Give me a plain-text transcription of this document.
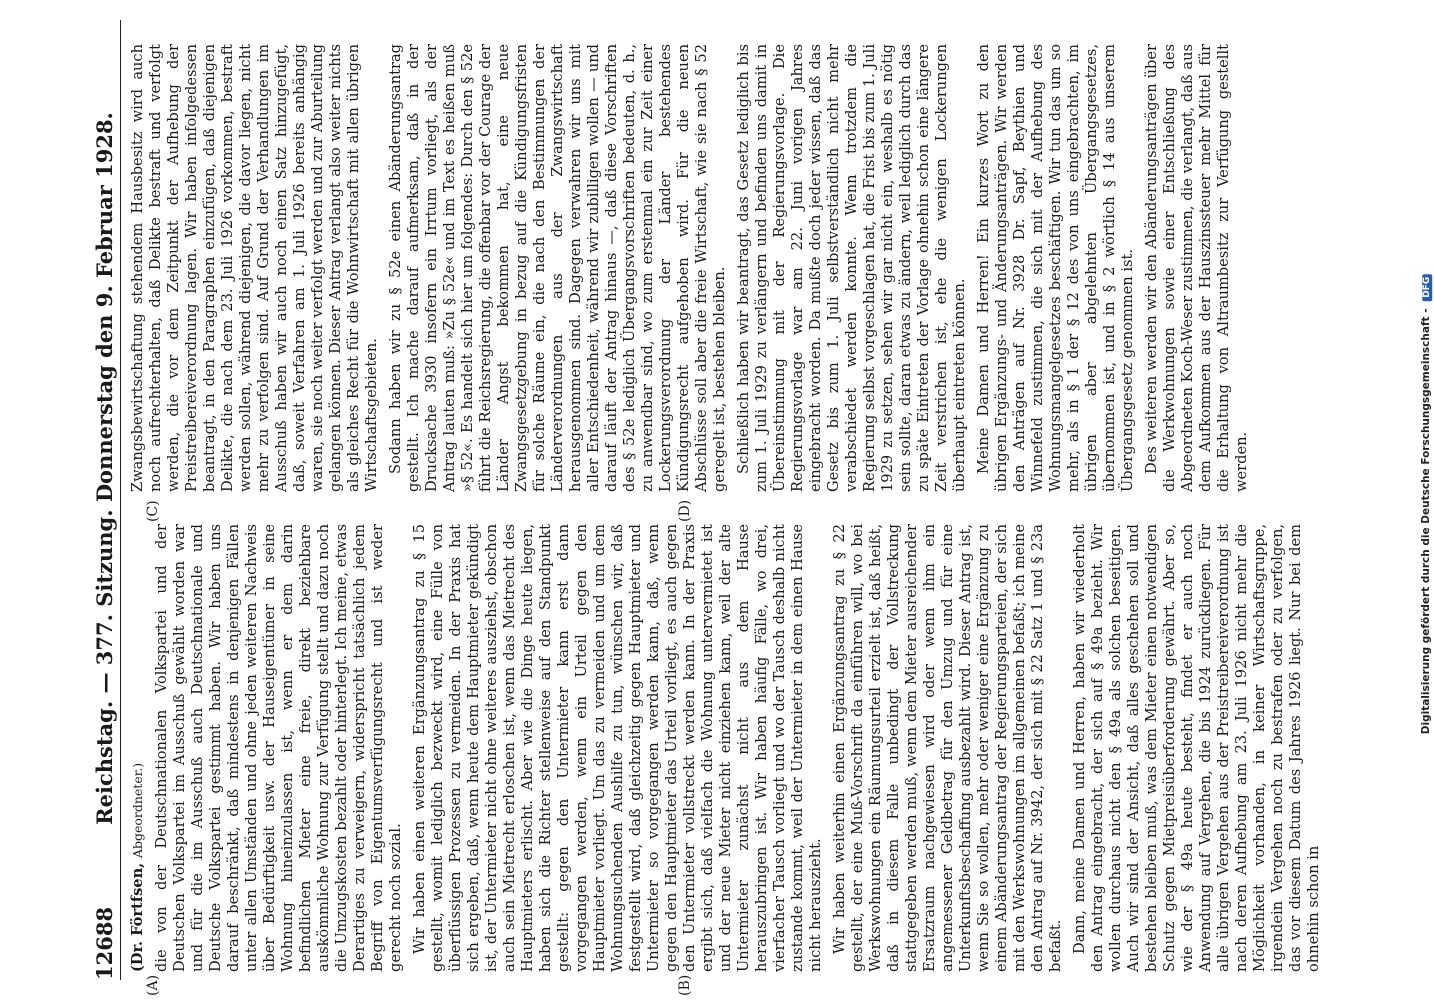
12688
Reichstag. — 377. Sitzung. Donnerstag den 9. Februar 1928.
(A)	(B)
(C)	(D)

(Dr. Förtfsen, Abgeordneter.) die von der Deutschnationalen Volkspartei und der Deutschen Volkspartei im Ausschuß gewählt worden war und für die im Ausschuß auch Deutschnationale und Deutsche Volkspartei gestimmt haben. Wir haben uns darauf beschränkt, daß mindestens in denjenigen Fällen unter allen Umständen und ohne jeden weiteren Nachweis über Bedürftigkeit usw. der Hauseigentümer in seine Wohnung hineinzulassen ist, wenn er dem darin befindlichen Mieter eine freie, direkt beziehbare auskömmliche Wohnung zur Verfügung stellt und dazu noch die Umzugskosten bezahlt oder hinterlegt. Ich meine, etwas Derartiges zu verweigern, widerspricht tatsächlich jedem Begriff von Eigentumsverfügungsrecht und ist weder gerecht noch sozial. Wir haben einen weiteren Ergänzungsantrag zu § 15 gestellt, womit lediglich bezweckt wird, eine Fülle von überflüssigen Prozessen zu vermeiden. In der Praxis hat sich ergeben, daß, wenn heute dem Hauptmieter gekündigt ist, der Untermieter nicht ohne weiteres ausziehst, obschon auch sein Mietrecht erloschen ist, wenn das Mietrecht des Hauptmieters erlischt. Aber wie die Dinge heute liegen, haben sich die Richter stellenweise auf den Standpunkt gestellt: gegen den Untermieter kann erst dann vorgegangen werden, wenn ein Urteil gegen den Hauptmieter vorliegt. Um das zu vermeiden und um dem Wohnungsuchenden Aushilfe zu tun, wünschen wir, daß festgestellt wird, daß gleichzeitig gegen Hauptmieter und Untermieter so vorgegangen werden kann, daß, wenn gegen den Hauptmieter das Urteil vorliegt, es auch gegen den Untermieter vollstreckt werden kann. In der Praxis ergibt sich, daß vielfach die Wohnung untervermietet ist und der neue Mieter nicht einziehen kann, weil der alte Untermieter zunächst nicht aus dem Hause herauszubringen ist. Wir haben häufig Fälle, wo drei, vierfacher Tausch vorliegt und wo der Tausch deshalb nicht zustande kommt, weil der Untermieter in dem einen Hause nicht herauszieht. Wir haben weiterhin einen Ergänzungsantrag zu § 22 gestellt, der eine Muß-Vorschrift da einführen will, wo bei Werkswohnungen ein Räumungsurteil erzielt ist, daß heißt, daß in diesem Falle unbedingt der Vollstreckung stattgegeben werden muß, wenn dem Mieter ausreichender Ersatzraum nachgewiesen wird oder wenn ihm ein angemessener Geldbetrag für den Umzug und für eine Unterkunftsbeschaffung ausbezahlt wird. Dieser Antrag ist, wenn Sie so wollen, mehr oder weniger eine Ergänzung zu einem Abänderungsantrag der Regierungsparteien, der sich mit den Werkswohnungen im allgemeinen befaßt; ich meine den Antrag auf Nr. 3942, der sich mit § 22 Satz 1 und § 23a befaßt. Dann, meine Damen und Herren, haben wir wiederholt den Antrag eingebracht, der sich auf § 49a bezieht. Wir wollen durchaus nicht den § 49a als solchen beseitigen. Auch wir sind der Ansicht, daß alles geschehen soll und bestehen bleiben muß, was dem Mieter einen notwendigen Schutz gegen Mietpreisüberforderung gewährt. Aber so, wie der § 49a heute besteht, findet er auch noch Anwendung auf Vergehen, die bis 1924 zurückliegen. Für alle übrigen Vergehen aus der Preistreibereiverordnung ist nach deren Aufhebung am 23. Juli 1926 nicht mehr die Möglichkeit vorhanden, in keiner Wirtschaftsgruppe, irgendein Vergehen noch zu bestrafen oder zu verfolgen, das vor diesem Datum des Jahres 1926 liegt. Nur bei dem ohnehin schon in

Zwangsbewirtschaftung stehendem Hausbesitz wird auch noch aufrechterhalten, daß Delikte bestraft und verfolgt werden, die vor dem Zeitpunkt der Aufhebung der Preistreibereiverordnung lagen. Wir haben infolgedessen beantragt, in den Paragraphen einzufügen, daß diejenigen Delikte, die nach dem 23. Juli 1926 vorkommen, bestraft werden sollen, während diejenigen, die davor liegen, nicht mehr zu verfolgen sind. Auf Grund der Verhandlungen im Ausschuß haben wir auch noch einen Satz hinzugefügt, daß, soweit Verfahren am 1. Juli 1926 bereits anhängig waren, sie noch weiter verfolgt werden und zur Aburteilung gelangen können. Dieser Antrag verlangt also weiter nichts als gleiches Recht für die Wohnwirtschaft mit allen übrigen Wirtschaftsgebieten. Sodann haben wir zu § 52e einen Abänderungsantrag gestellt. Ich mache darauf aufmerksam, daß in der Drucksache 3930 insofern ein Irrtum vorliegt, als der Antrag lauten muß: »Zu § 52e« und im Text es heißen muß »§ 52«. Es handelt sich hier um folgendes: Durch den § 52e führt die Reichsregierung, die offenbar vor der Courage der Länder Angst bekommen hat, eine neue Zwangsgesetzgebung in bezug auf die Kündigungsfristen für solche Räume ein, die nach den Bestimmungen der Länderverordnungen aus der Zwangswirtschaft herausgenommen sind. Dagegen verwahren wir uns mit aller Entschiedenheit, während wir zubilligen wollen — und darauf läuft der Antrag hinaus —, daß diese Vorschriften des § 52e lediglich Übergangsvorschriften bedeuten, d. h., zu anwendbar sind, wo zum erstenmal ein zur Zeit einer Lockerungsverordnung der Länder bestehendes Kündigungsrecht aufgehoben wird. Für die neuen Abschlüsse soll aber die freie Wirtschaft, wie sie nach § 52 geregelt ist, bestehen bleiben. Schließlich haben wir beantragt, das Gesetz lediglich bis zum 1. Juli 1929 zu verlängern und befinden uns damit in Übereinstimmung mit der Regierungsvorlage. Die Regierungsvorlage war am 22. Juni vorigen Jahres eingebracht worden. Da mußte doch jeder wissen, daß das Gesetz bis zum 1. Juli selbstverständlich nicht mehr verabschiedet werden konnte. Wenn trotzdem die Regierung selbst vorgeschlagen hat, die Frist bis zum 1. Juli 1929 zu setzen, sehen wir gar nicht ein, weshalb es nötig sein sollte, daran etwas zu ändern, weil lediglich durch das zu späte Eintreten der Vorlage ohnehin schon eine längere Zeit verstrichen ist, ehe die wenigen Lockerungen überhaupt eintreten können. Meine Damen und Herren! Ein kurzes Wort zu den übrigen Ergänzungs- und Änderungsanträgen. Wir werden den Anträgen auf Nr. 3928 Dr. Sapf, Beythien und Winnefeld zustimmen, die sich mit der Aufhebung des Wohnungsmangelgesetzes beschäftigen. Wir tun das um so mehr, als in § 1 der § 12 des von uns eingebrachten, im übrigen aber abgelehnten Übergangsgesetzes, übernommen ist, und in § 2 wörtlich § 14 aus unserem Übergangsgesetz genommen ist. Des weiteren werden wir den Abänderungsanträgen über die Werkwohnungen sowie einer Entschließung des Abgeordneten Koch-Weser zustimmen, die verlangt, daß aus dem Aufkommen aus der Hauszinssteuer mehr Mittel für die Erhaltung von Altraumbesitz zur Verfügung gestellt werden.	Digitalisierung gefördert durch die Deutsche Forschungsgemeinschaft - DFG
